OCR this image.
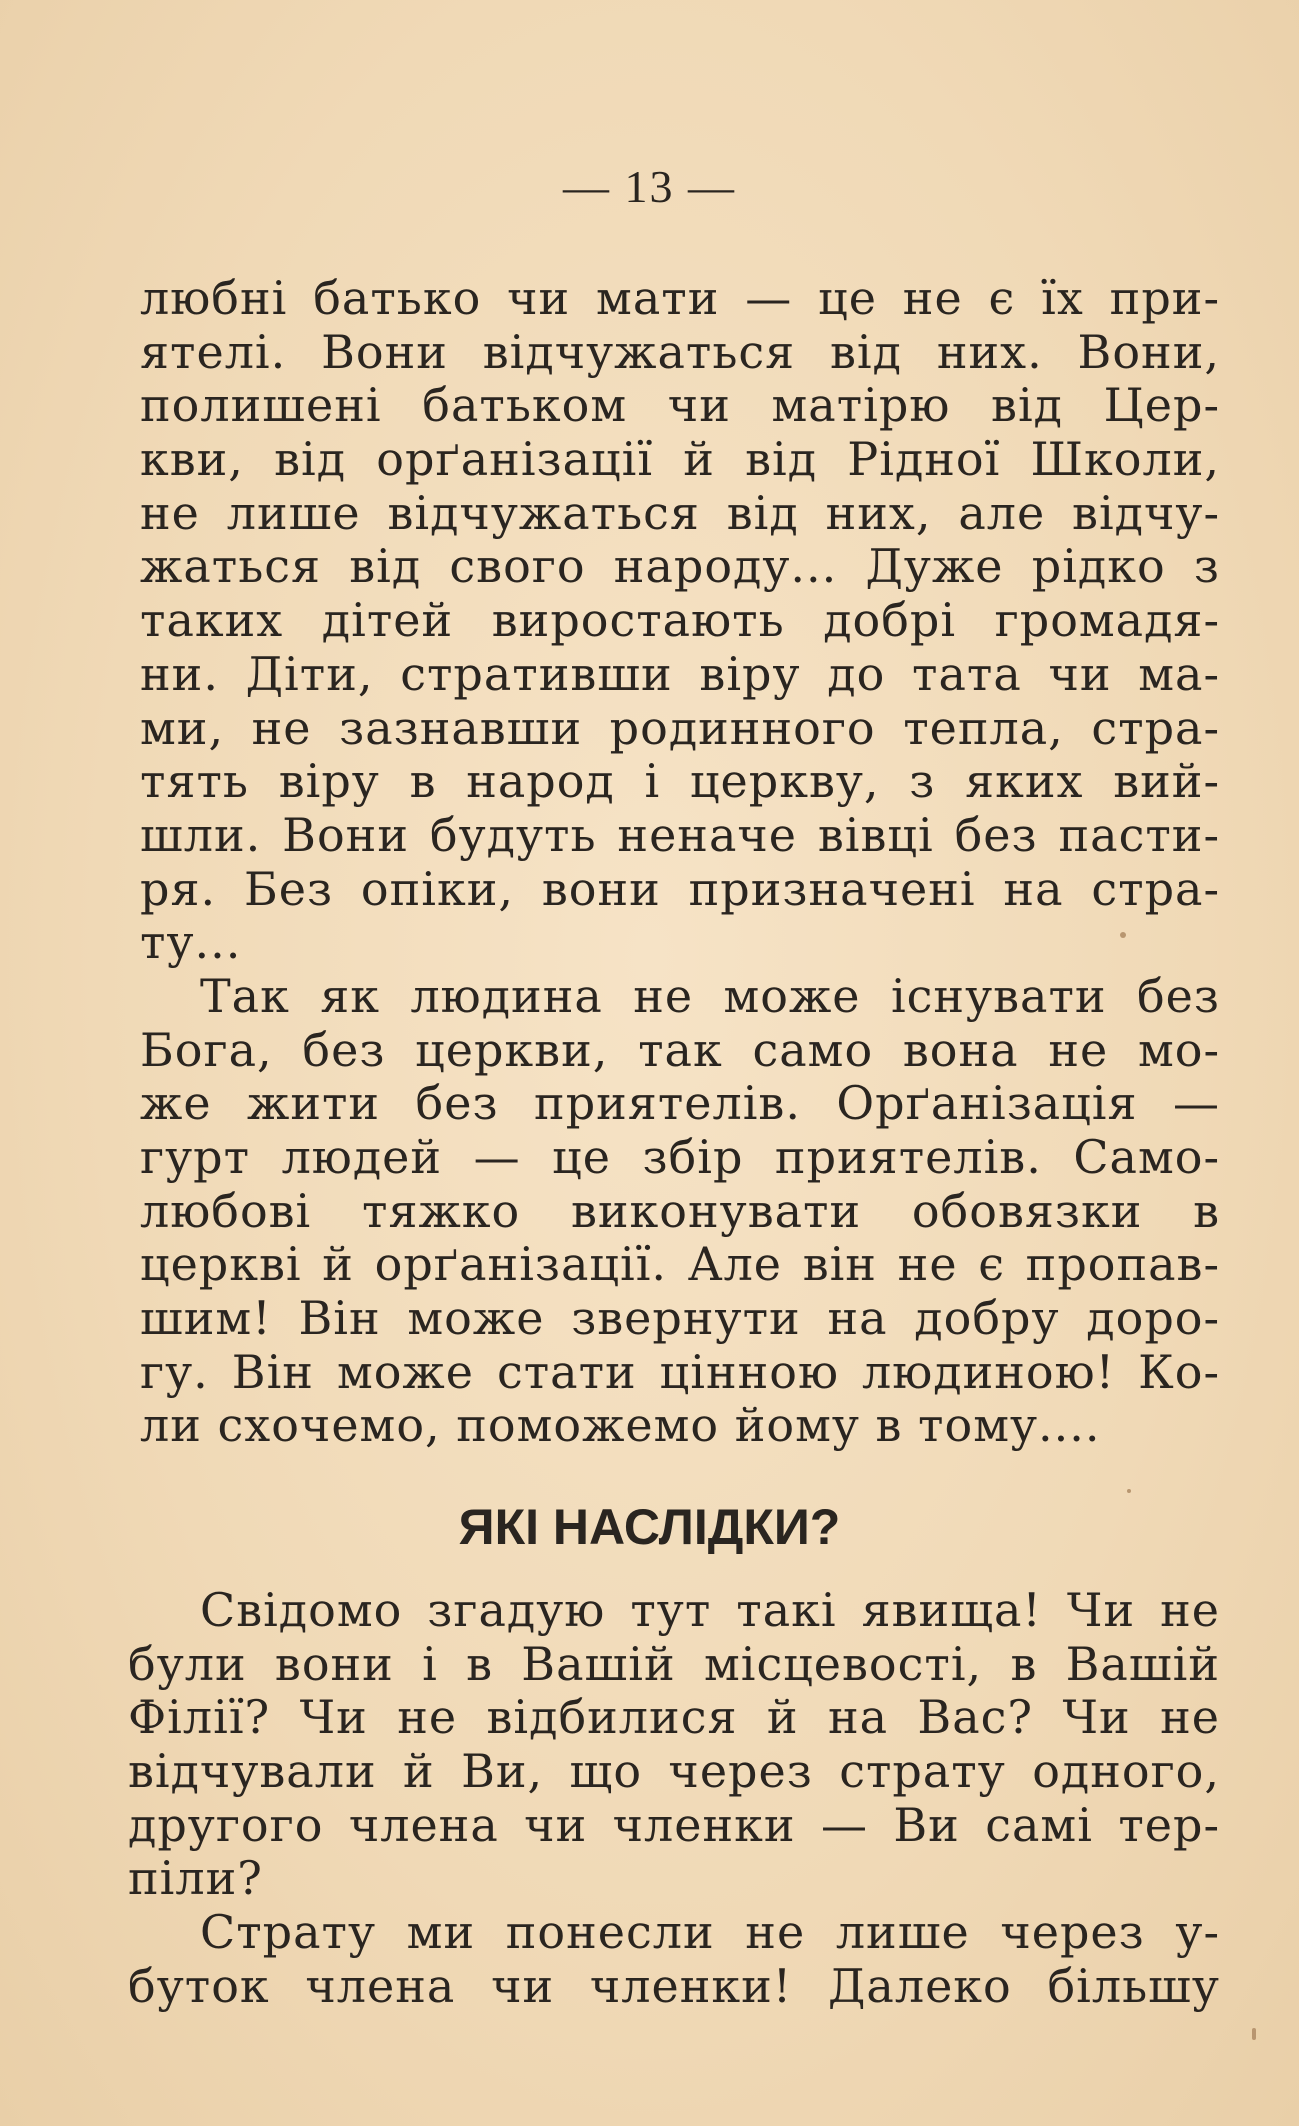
— 13 —
любні батько чи мати — це не є їх при-
ятелі. Вони відчужаться від них. Вони,
полишені батьком чи матірю від Цер-
кви, від орґанізації й від Рідної Школи,
не лише відчужаться від них, але відчу-
жаться від свого народу... Дуже рідко з
таких дітей виростають добрі громадя-
ни. Діти, стративши віру до тата чи ма-
ми, не зазнавши родинного тепла, стра-
тять віру в народ і церкву, з яких вий-
шли. Вони будуть неначе вівці без пасти-
ря. Без опіки, вони призначені на стра-
ту...
Так як людина не може існувати без
Бога, без церкви, так само вона не мо-
же жити без приятелів. Орґанізація —
гурт людей — це збір приятелів. Само-
любові тяжко виконувати обовязки в
церкві й орґанізації. Але він не є пропав-
шим! Він може звернути на добру доро-
гу. Він може стати цінною людиною! Ко-
ли схочемо, поможемо йому в тому....
ЯКІ НАСЛІДКИ?
Свідомо згадую тут такі явища! Чи не
були вони і в Вашій місцевості, в Вашій
Філії? Чи не відбилися й на Вас? Чи не
відчували й Ви, що через страту одного,
другого члена чи членки — Ви самі тер-
піли?
Страту ми понесли не лише через у-
буток члена чи членки! Далеко більшу
